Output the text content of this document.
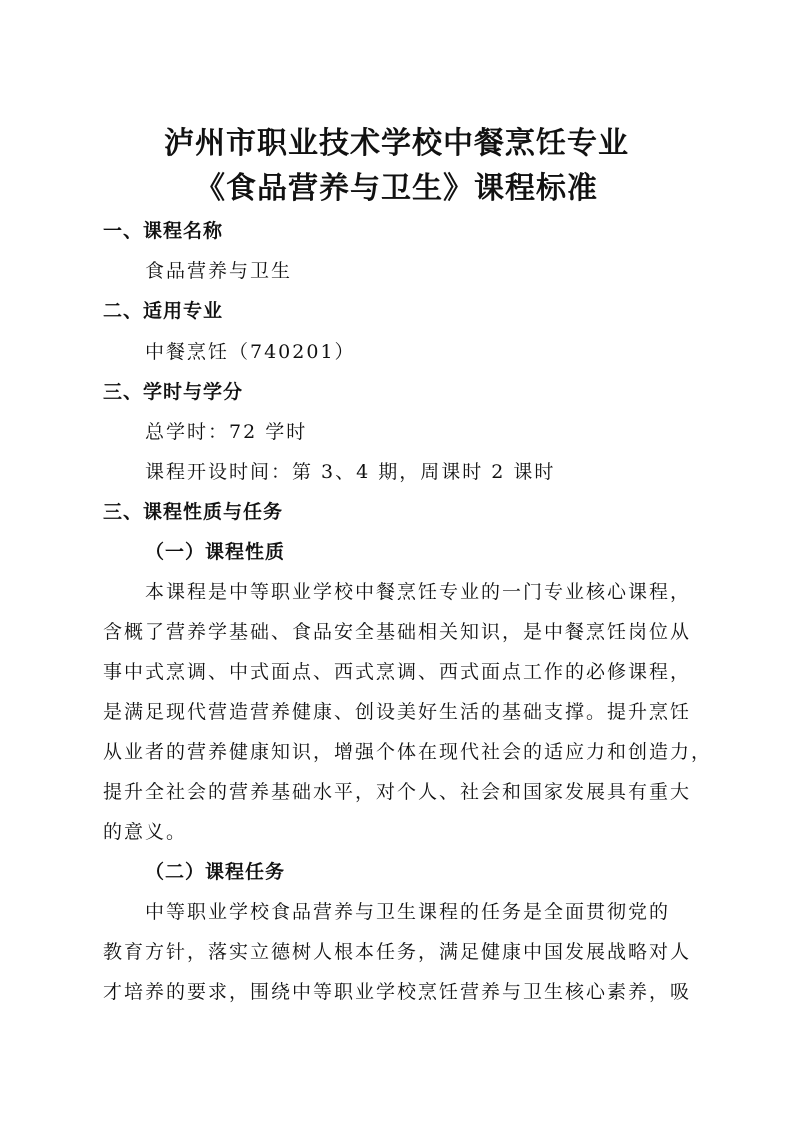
泸州市职业技术学校中餐烹饪专业
《食品营养与卫生》课程标准
一、课程名称
食品营养与卫生
二、适用专业
中餐烹饪（740201）
三、学时与学分
总学时：72 学时
课程开设时间：第 3、4 期，周课时 2 课时
三、课程性质与任务
（一）课程性质
本课程是中等职业学校中餐烹饪专业的一门专业核心课程，
含概了营养学基础、食品安全基础相关知识，是中餐烹饪岗位从
事中式烹调、中式面点、西式烹调、西式面点工作的必修课程，
是满足现代营造营养健康、创设美好生活的基础支撑。提升烹饪
从业者的营养健康知识，增强个体在现代社会的适应力和创造力，
提升全社会的营养基础水平，对个人、社会和国家发展具有重大
的意义。
（二）课程任务
中等职业学校食品营养与卫生课程的任务是全面贯彻党的
教育方针，落实立德树人根本任务，满足健康中国发展战略对人
才培养的要求，围绕中等职业学校烹饪营养与卫生核心素养，吸
